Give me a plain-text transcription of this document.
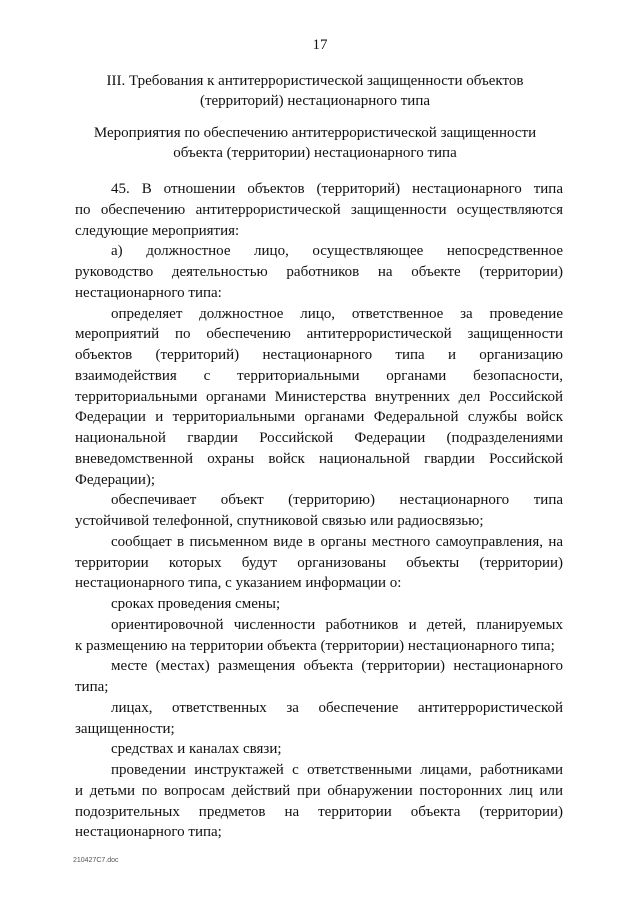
17
III. Требования к антитеррористической защищенности объектов
(территорий) нестационарного типа
Мероприятия по обеспечению антитеррористической защищенности
объекта (территории) нестационарного типа
45. В отношении объектов (территорий) нестационарного типа
по обеспечению антитеррористической защищенности осуществляются
следующие мероприятия:
а) должностное лицо, осуществляющее непосредственное
руководство деятельностью работников на объекте (территории)
нестационарного типа:
определяет должностное лицо, ответственное за проведение
мероприятий по обеспечению антитеррористической защищенности
объектов (территорий) нестационарного типа и организацию
взаимодействия с территориальными органами безопасности,
территориальными органами Министерства внутренних дел Российской
Федерации и территориальными органами Федеральной службы войск
национальной гвардии Российской Федерации (подразделениями
вневедомственной охраны войск национальной гвардии Российской
Федерации);
обеспечивает объект (территорию) нестационарного типа
устойчивой телефонной, спутниковой связью или радиосвязью;
сообщает в письменном виде в органы местного самоуправления, на
территории которых будут организованы объекты (территории)
нестационарного типа, с указанием информации о:
сроках проведения смены;
ориентировочной численности работников и детей, планируемых
к размещению на территории объекта (территории) нестационарного типа;
месте (местах) размещения объекта (территории) нестационарного
типа;
лицах, ответственных за обеспечение антитеррористической
защищенности;
средствах и каналах связи;
проведении инструктажей с ответственными лицами, работниками
и детьми по вопросам действий при обнаружении посторонних лиц или
подозрительных предметов на территории объекта (территории)
нестационарного типа;
210427С7.doc
